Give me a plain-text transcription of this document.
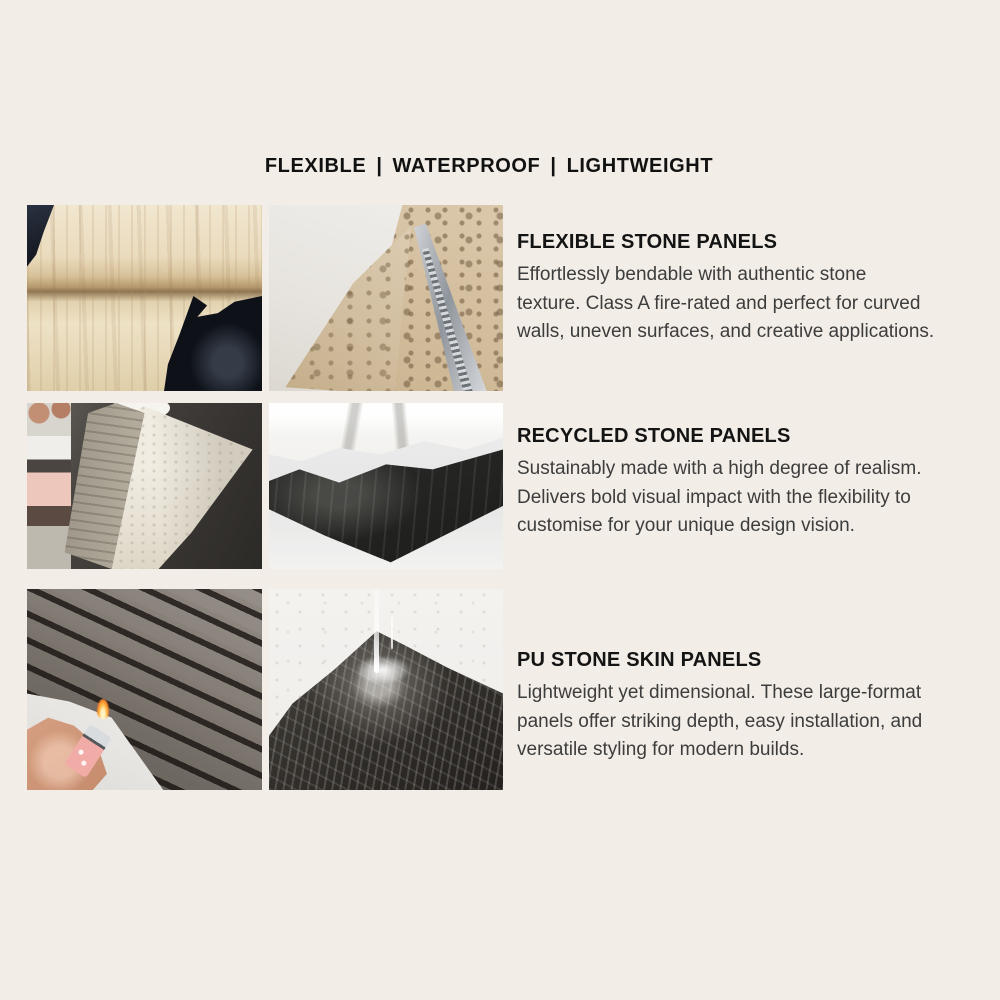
FLEXIBLE | WATERPROOF | LIGHTWEIGHT
FLEXIBLE STONE PANELS
Effortlessly bendable with authentic stone
texture. Class A fire-rated and perfect for curved
walls, uneven surfaces, and creative applications.
RECYCLED STONE PANELS
Sustainably made with a high degree of realism.
Delivers bold visual impact with the flexibility to
customise for your unique design vision.
PU STONE SKIN PANELS
Lightweight yet dimensional. These large-format
panels offer striking depth, easy installation, and
versatile styling for modern builds.
